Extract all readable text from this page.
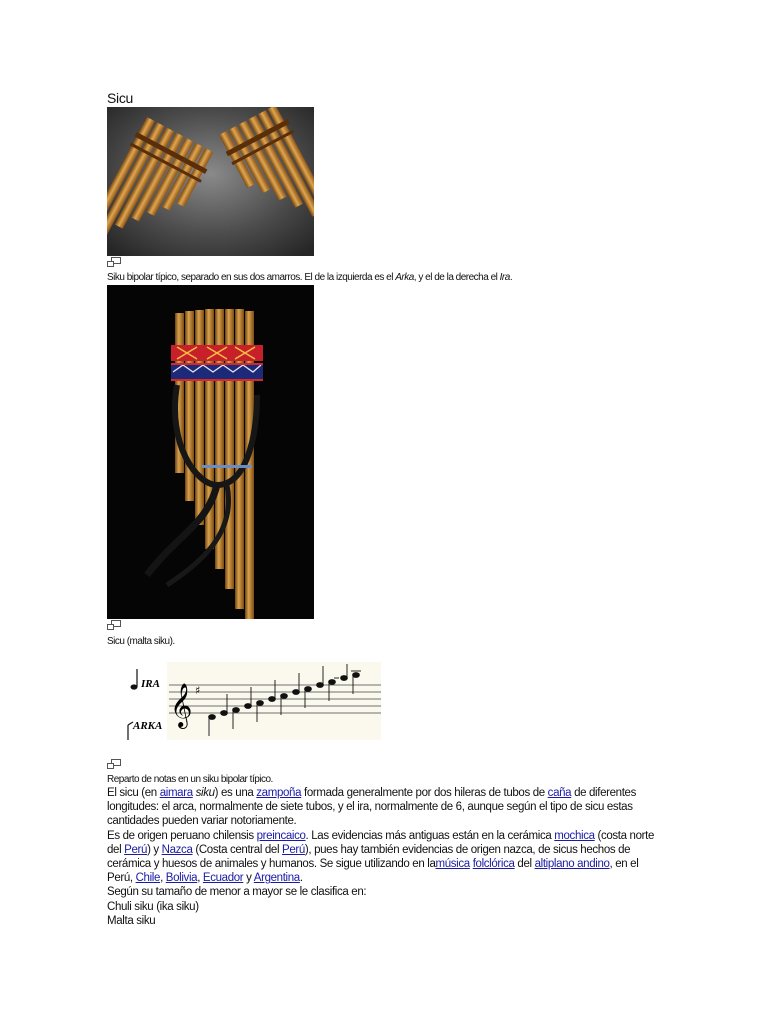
Sicu
Siku bipolar típico, separado en sus dos amarros. El de la izquierda es el Arka, y el de la derecha el Ira.
Sicu (malta siku).
IRA
ARKA 𝄞 ♯
Reparto de notas en un siku bipolar típico.

El sicu (en aimara siku) es una zampoña formada generalmente por dos hileras de tubos de caña de diferentes longitudes: el arca, normalmente de siete tubos, y el ira, normalmente de 6, aunque según el tipo de sicu estas cantidades pueden variar notoriamente.

Es de origen peruano chilensis preincaico. Las evidencias más antiguas están en la cerámica mochica (costa norte del Perú) y Nazca (Costa central del Perú), pues hay también evidencias de origen nazca, de sicus hechos de cerámica y huesos de animales y humanos. Se sigue utilizando en lamúsica folclórica del altiplano andino, en el

Perú, Chile, Bolivia, Ecuador y Argentina.

Según su tamaño de menor a mayor se le clasifica en:

Chuli siku (ika siku)

Malta siku
